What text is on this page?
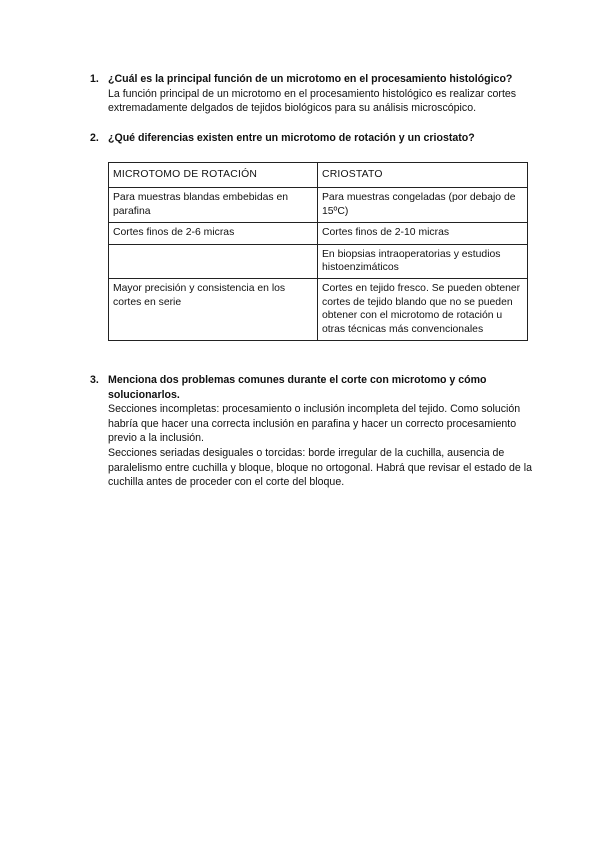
1. ¿Cuál es la principal función de un microtomo en el procesamiento histológico?

La función principal de un microtomo en el procesamiento histológico es realizar cortes extremadamente delgados de tejidos biológicos para su análisis microscópico.

2. ¿Qué diferencias existen entre un microtomo de rotación y un criostato?
MICROTOMO DE ROTACIÓN	CRIOSTATO
Para muestras blandas embebidas en parafina	Para muestras congeladas (por debajo de 15ºC)
Cortes finos de 2-6 micras	Cortes finos de 2-10 micras
	En biopsias intraoperatorias y estudios histoenzimáticos
Mayor precisión y consistencia en los cortes en serie	Cortes en tejido fresco. Se pueden obtener cortes de tejido blando que no se pueden obtener con el microtomo de rotación u otras técnicas más convencionales
3. Menciona dos problemas comunes durante el corte con microtomo y cómo solucionarlos.

Secciones incompletas: procesamiento o inclusión incompleta del tejido. Como solución habría que hacer una correcta inclusión en parafina y hacer un correcto procesamiento previo a la inclusión.

Secciones seriadas desiguales o torcidas: borde irregular de la cuchilla, ausencia de paralelismo entre cuchilla y bloque, bloque no ortogonal. Habrá que revisar el estado de la cuchilla antes de proceder con el corte del bloque.
